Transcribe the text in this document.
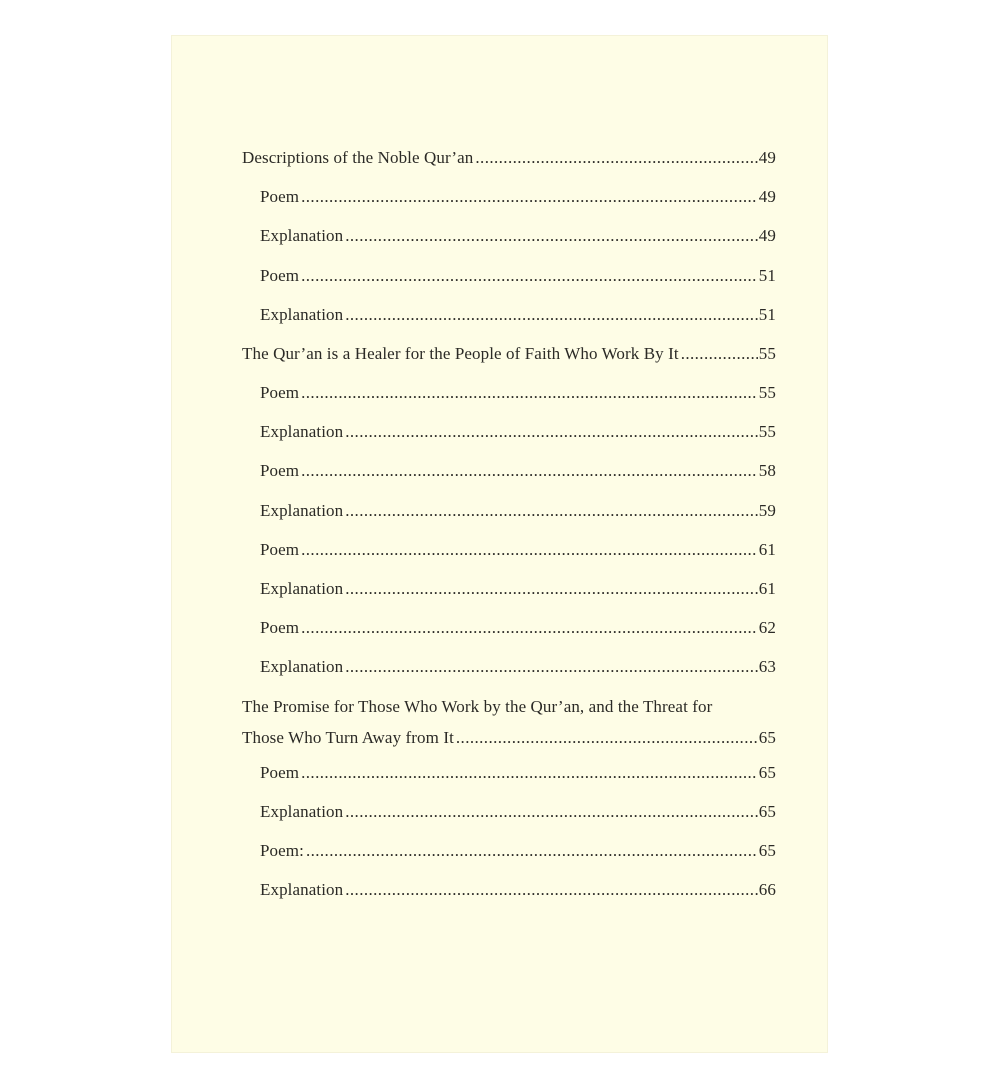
Descriptions of the Noble Qur’an .....	49
Poem .....	49
Explanation .....	49
Poem .....	51
Explanation .....	51
The Qur’an is a Healer for the People of Faith Who Work By It .....	55
Poem .....	55
Explanation .....	55
Poem .....	58
Explanation .....	59
Poem .....	61
Explanation .....	61
Poem .....	62
Explanation .....	63
The Promise for Those Who Work by the Qur’an, and the Threat for
Those Who Turn Away from It .....	65
Poem .....	65
Explanation .....	65
Poem: .....	65
Explanation .....	66
